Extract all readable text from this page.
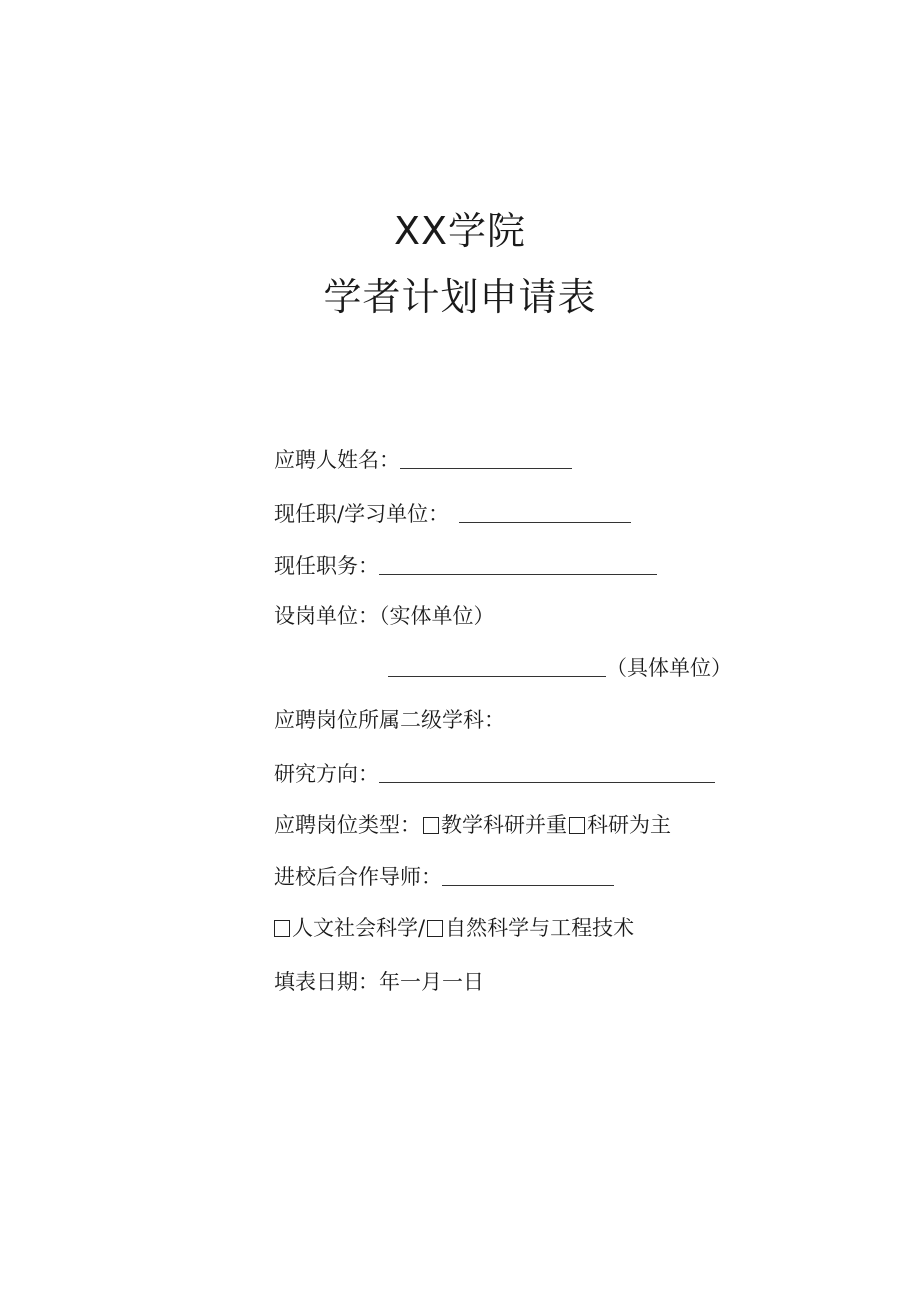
XX学院
学者计划申请表
应聘人姓名：
现任职/学习单位：
现任职务：
设岗单位：（实体单位）
（具体单位）
应聘岗位所属二级学科：
研究方向：
应聘岗位类型： 教学科研并重 科研为主
进校后合作导师：
人文社会科学/ 自然科学与工程技术
填表日期：年一月一日
